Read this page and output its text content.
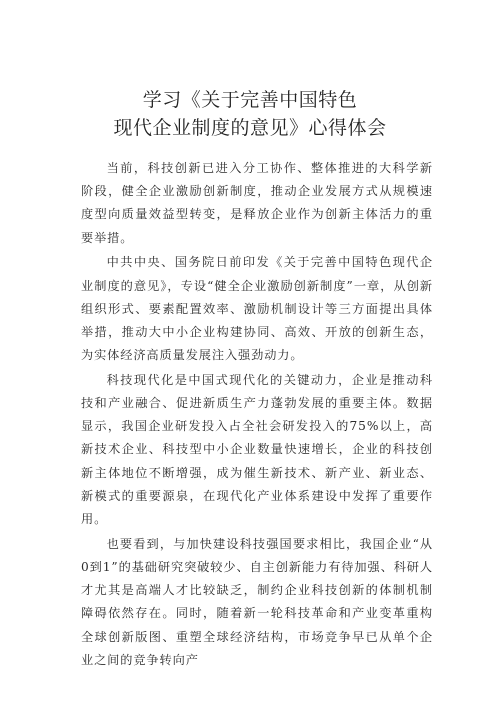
学习《关于完善中国特色
现代企业制度的意见》心得体会

当前，科技创新已进入分工协作、整体推进的大科学新阶段，健全企业激励创新制度，推动企业发展方式从规模速度型向质量效益型转变，是释放企业作为创新主体活力的重要举措。

中共中央、国务院日前印发《关于完善中国特色现代企业制度的意见》，专设“健全企业激励创新制度”一章，从创新组织形式、要素配置效率、激励机制设计等三方面提出具体举措，推动大中小企业构建协同、高效、开放的创新生态，为实体经济高质量发展注入强劲动力。

科技现代化是中国式现代化的关键动力，企业是推动科技和产业融合、促进新质生产力蓬勃发展的重要主体。数据显示，我国企业研发投入占全社会研发投入的75%以上，高新技术企业、科技型中小企业数量快速增长，企业的科技创新主体地位不断增强，成为催生新技术、新产业、新业态、新模式的重要源泉，在现代化产业体系建设中发挥了重要作用。

也要看到，与加快建设科技强国要求相比，我国企业“从0到1”的基础研究突破较少、自主创新能力有待加强、科研人才尤其是高端人才比较缺乏，制约企业科技创新的体制机制障碍依然存在。同时，随着新一轮科技革命和产业变革重构全球创新版图、重塑全球经济结构，市场竞争早已从单个企业之间的竞争转向产
